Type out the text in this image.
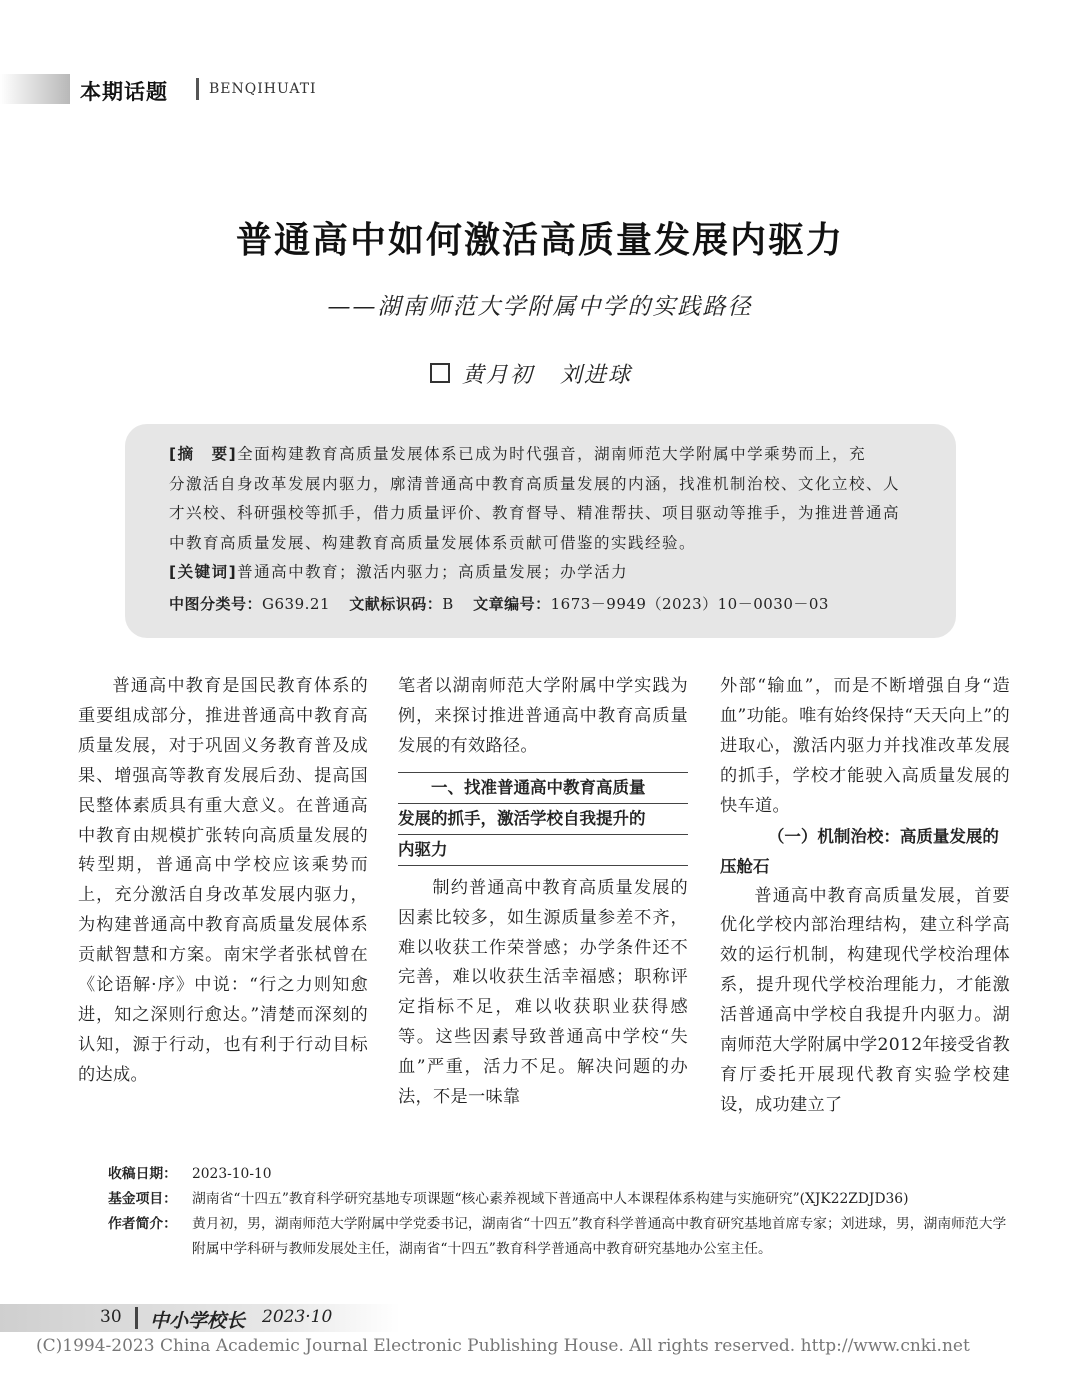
本期话题	BENQIHUATI
普通高中如何激活高质量发展内驱力
——湖南师范大学附属中学的实践路径
黄月初 刘进球
[摘　要]全面构建教育高质量发展体系已成为时代强音，湖南师范大学附属中学乘势而上，充
分激活自身改革发展内驱力，廓清普通高中教育高质量发展的内涵，找准机制治校、文化立校、人
才兴校、科研强校等抓手，借力质量评价、教育督导、精准帮扶、项目驱动等推手，为推进普通高
中教育高质量发展、构建教育高质量发展体系贡献可借鉴的实践经验。
[关键词]普通高中教育；激活内驱力；高质量发展；办学活力
中图分类号：G639.21 文献标识码：B 文章编号：1673－9949（2023）10－0030－03

普通高中教育是国民教育体系的重要组成部分，推进普通高中教育高质量发展，对于巩固义务教育普及成果、增强高等教育发展后劲、提高国民整体素质具有重大意义。在普通高中教育由规模扩张转向高质量发展的转型期，普通高中学校应该乘势而上，充分激活自身改革发展内驱力，为构建普通高中教育高质量发展体系贡献智慧和方案。南宋学者张栻曾在《论语解·序》中说：“行之力则知愈进，知之深则行愈达。”清楚而深刻的认知，源于行动，也有利于行动目标的达成。

笔者以湖南师范大学附属中学实践为例，来探讨推进普通高中教育高质量发展的有效路径。

一、找准普通高中教育高质量
发展的抓手，激活学校自我提升的
内驱力

制约普通高中教育高质量发展的因素比较多，如生源质量参差不齐，难以收获工作荣誉感；办学条件还不完善，难以收获生活幸福感；职称评定指标不足，难以收获职业获得感等。这些因素导致普通高中学校“失血”严重，活力不足。解决问题的办法，不是一味靠

外部“输血”，而是不断增强自身“造血”功能。唯有始终保持“天天向上”的进取心，激活内驱力并找准改革发展的抓手，学校才能驶入高质量发展的快车道。

（一）机制治校：高质量发展的
压舱石

普通高中教育高质量发展，首要优化学校内部治理结构，建立科学高效的运行机制，构建现代学校治理体系，提升现代学校治理能力，才能激活普通高中学校自我提升内驱力。湖南师范大学附属中学2012年接受省教育厅委托开展现代教育实验学校建设，成功建立了

收稿日期：	2023-10-10
基金项目：	湖南省“十四五”教育科学研究基地专项课题“核心素养视域下普通高中人本课程体系构建与实施研究”(XJK22ZDJD36)
作者简介：	黄月初，男，湖南师范大学附属中学党委书记，湖南省“十四五”教育科学普通高中教育研究基地首席专家；刘进球，男，湖南师范大学附属中学科研与教师发展处主任，湖南省“十四五”教育科学普通高中教育研究基地办公室主任。
30 中小学校长 2023·10
(C)1994-2023 China Academic Journal Electronic Publishing House. All rights reserved. http://www.cnki.net
